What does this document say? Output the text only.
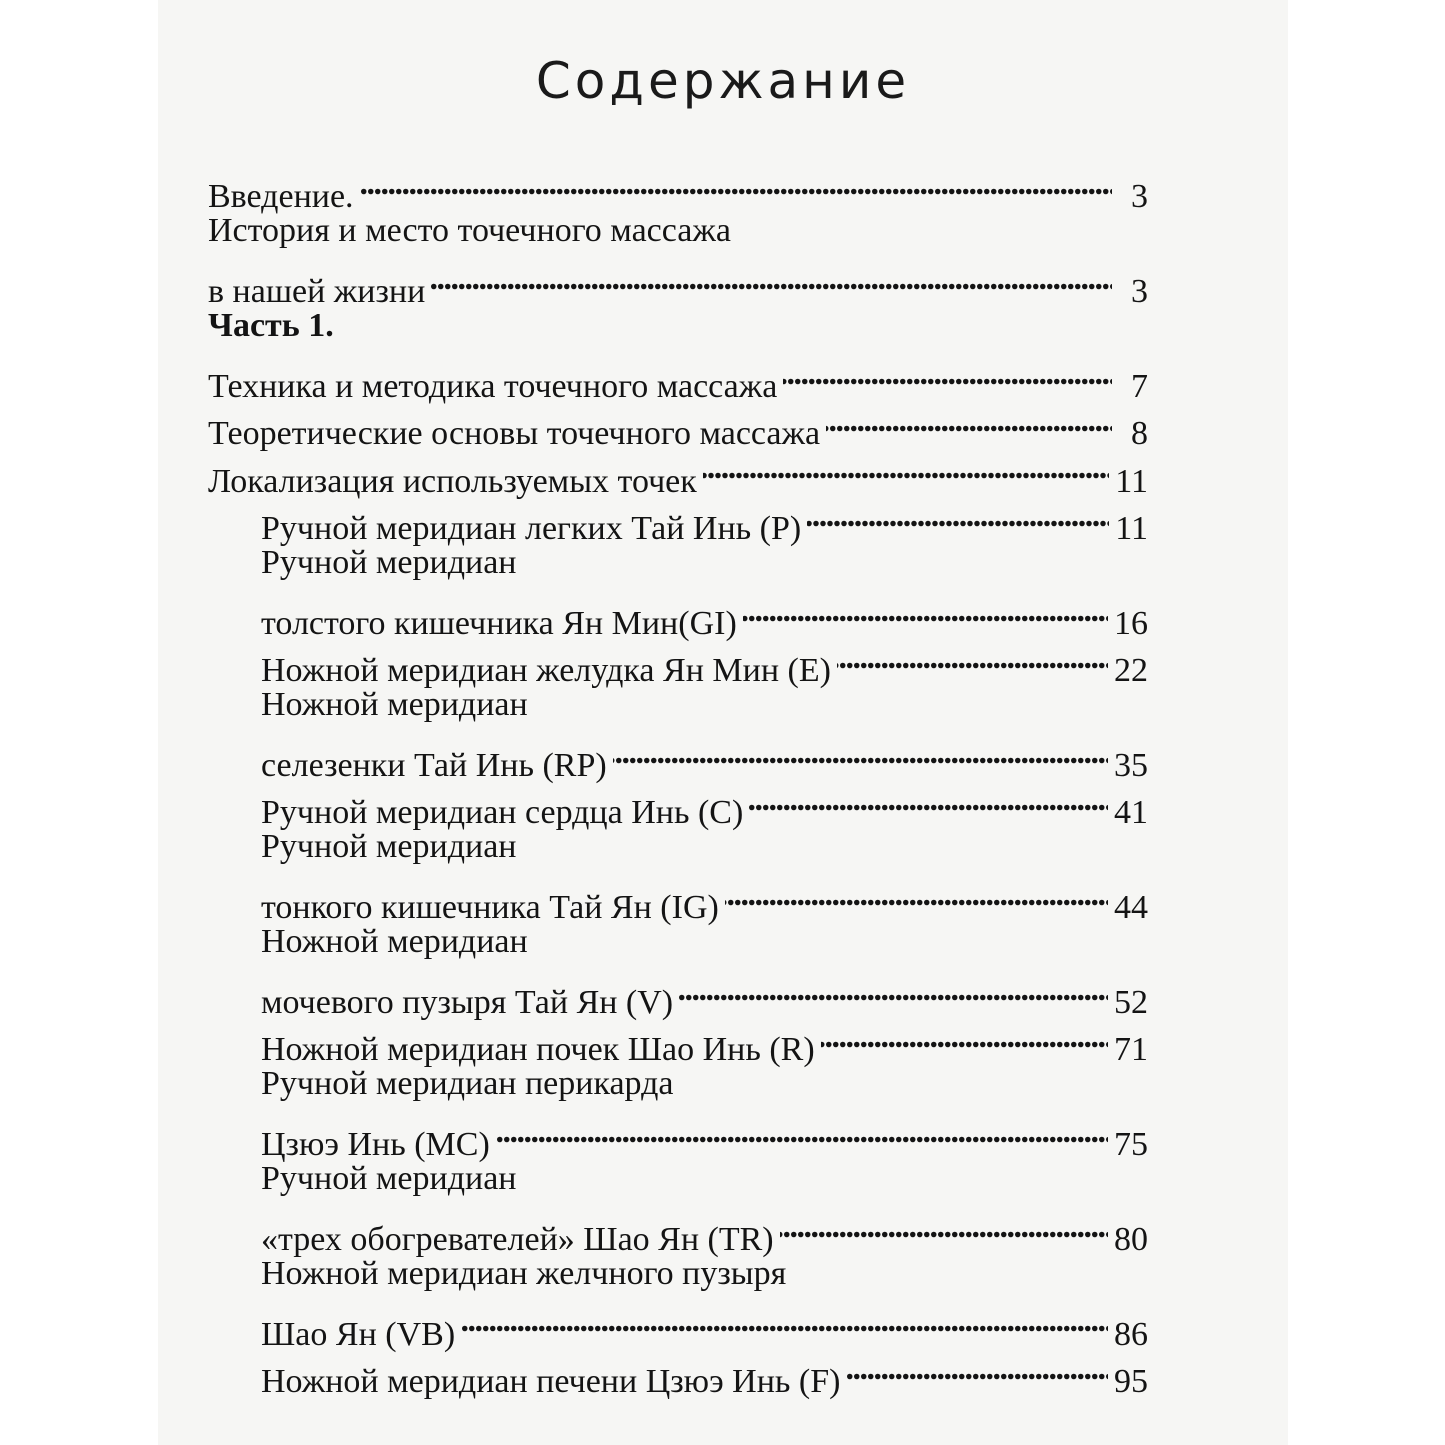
Содержание
Введение. . . .	3
История и место точечного массажа
в нашей жизни . . .	3
Часть 1.
Техника и методика точечного массажа . . .	7
Теоретические основы точечного массажа . . .	8
Локализация используемых точек . . .	11
Ручной меридиан легких Тай Инь (Р) . . .	11
Ручной меридиан
толстого кишечника Ян Мин(GI) . . .	16
Ножной меридиан желудка Ян Мин (Е) . . .	22
Ножной меридиан
селезенки Тай Инь (RP) . . .	35
Ручной меридиан сердца Инь (С) . . .	41
Ручной меридиан
тонкого кишечника Тай Ян (IG) . . .	44
Ножной меридиан
мочевого пузыря Тай Ян (V) . . .	52
Ножной меридиан почек Шао Инь (R) . . .	71
Ручной меридиан перикарда
Цзюэ Инь (МС) . . .	75
Ручной меридиан
«трех обогревателей» Шао Ян (TR) . . .	80
Ножной меридиан желчного пузыря
Шао Ян (VB) . . .	86
Ножной меридиан печени Цзюэ Инь (F) . . .	95
